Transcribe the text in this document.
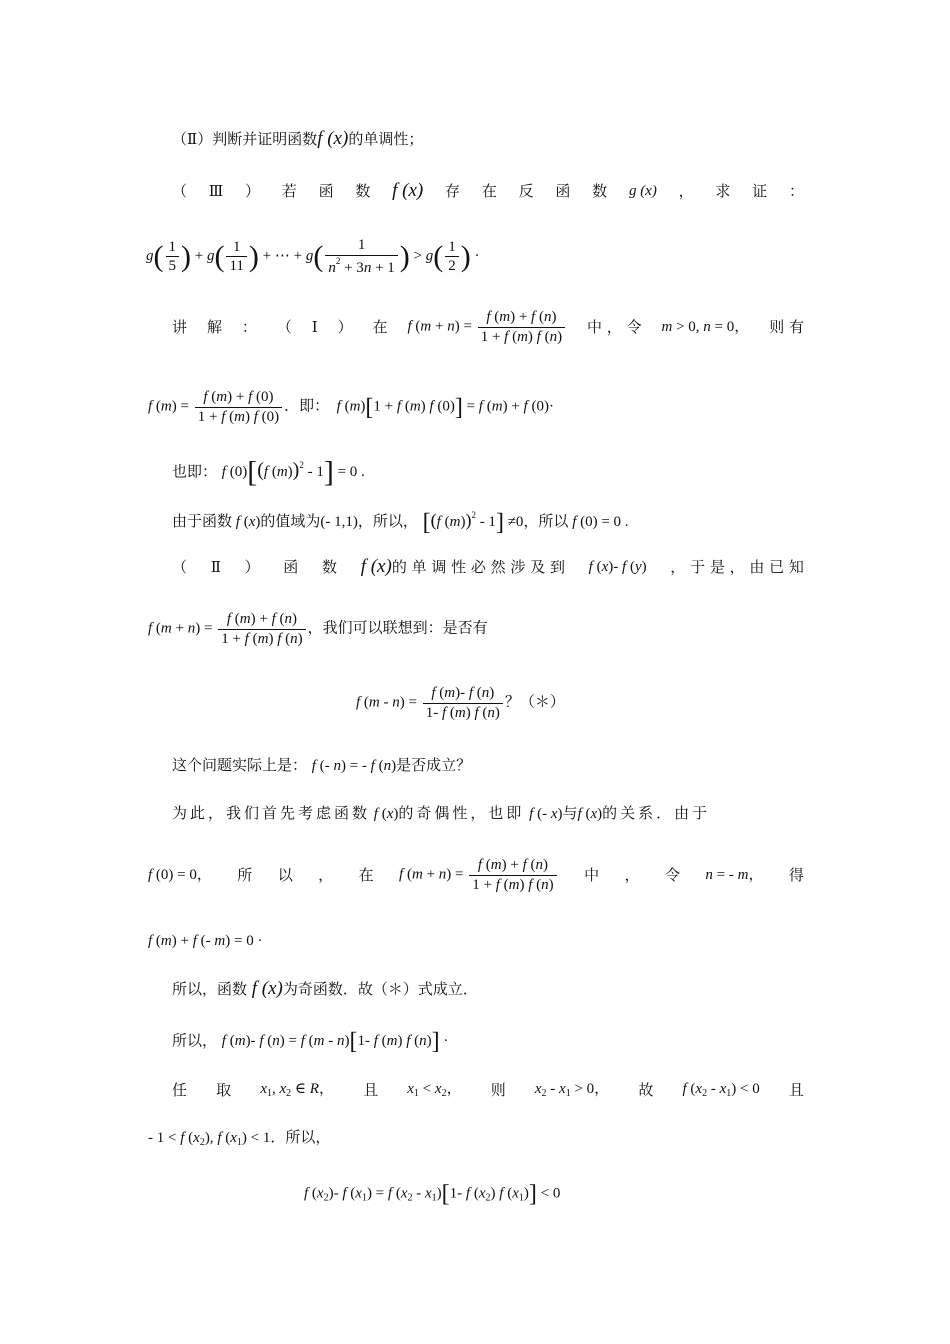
（Ⅱ）判断并证明函数f (x)的单调性；
（ Ⅲ ） 若 函 数 f (x) 存 在 反 函 数 g (x) ， 求 证 ：
$g( \frac{1}{5}$ ) + $g( \frac{1}{11}$ ) + ⋯ + $g( \frac{1}{n^2 + 3n + 1}$ ) > $g( \frac{1}{2}$ ) ·
讲 解 ： （ Ⅰ ） 在 f $(m + n) = \frac{f (m) + f (n)}{1 + f (m) f (n)}$ 中 ， 令 m > 0, n = 0， 则 有
f $(m) = \frac{f (m) + f (0)}{1 + f (m) f (0)}$ ．即： f (m)[1 + f (m) f (0)] = f (m) + f (0)·
也即： f (0)[(f (m))$^2$ - 1] = 0 .
由于函数 f (x)的值域为(- 1,1)，所以， [(f (m))$^2$ - 1] ≠0，所以 f (0) = 0 .
（ Ⅱ ） 函 数 f (x)的 单 调 性 必 然 涉 及 到 f (x)- f (y) ， 于 是 ， 由 已 知
f $(m + n) = \frac{f (m) + f (n)}{1 + f (m) f (n)}$ ，我们可以联想到：是否有
f $(m - n) = \frac{f (m)- f (n)}{1- f (m) f (n)}$ ？（＊）
这个问题实际上是： f (- n) = - f (n)是否成立？
为此，我们首先考虑函数 f (x)的奇偶性，也即 f (- x)与f (x)的关系．由于
f (0) = 0， 所 以 ， 在 f $(m + n) = \frac{f (m) + f (n)}{1 + f (m) f (n)}$ 中 ， 令 n = - m， 得
f (m) + f (- m) = 0 ·
所以，函数 f (x)为奇函数．故（＊）式成立．
所以， f (m)- f (n) = f (m - n)[1- f (m) f (n)] ·
任 取 $x_1$, $x_2$ ∈ R， 且 $x_1 < x_2$， 则 $x_2 - x_1 > 0$， 故 f $(x_2 - x_1) < 0$ 且
- 1 < f $(x_2)$, f $(x_1) < 1$．所以，
f $(x_2)-$ f $(x_1) = f$ $(x_2 - x_1)[1-$ f $(x_2)$ f $(x_1)] < 0$
